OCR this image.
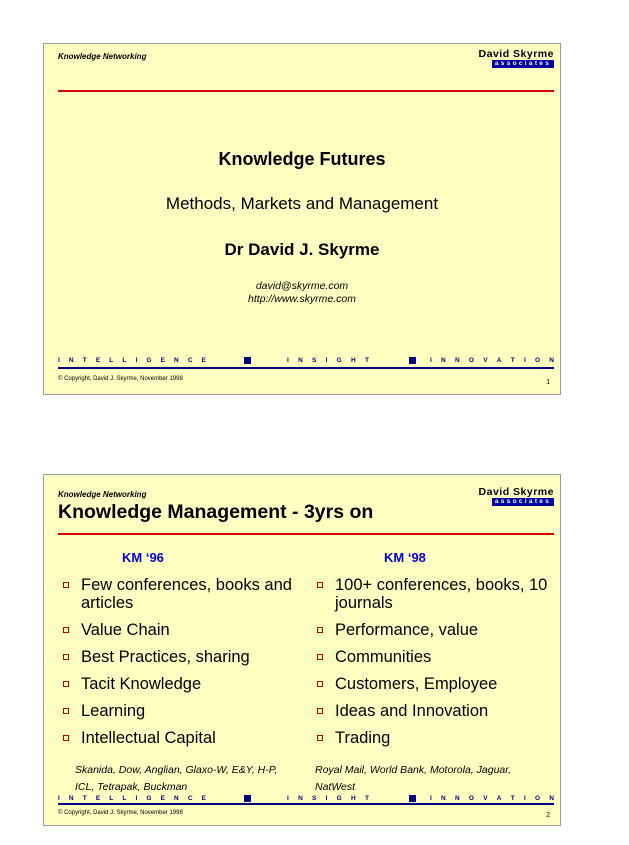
Knowledge Networking	David Skyrme
associates
Knowledge Futures
Methods, Markets and Management
Dr David J. Skyrme
david@skyrme.com
http://www.skyrme.com
I N T E L L I G E N C E	I N S I G H T	I N N O V A T I O N
© Copyright, David J. Skyrme, November 1998	1
Knowledge Networking	David Skyrme
associates
Knowledge Management - 3yrs on
KM ‘96	KM ‘98
Few conferences, books and articles
Value Chain
Best Practices, sharing
Tacit Knowledge
Learning
Intellectual Capital
100+ conferences, books, 10 journals
Performance, value
Communities
Customers, Employee
Ideas and Innovation
Trading
Skanida, Dow, Anglian, Glaxo-W, E&Y, H-P, ICL, Tetrapak, Buckman
Royal Mail, World Bank, Motorola, Jaguar, NatWest
I N T E L L I G E N C E	I N S I G H T	I N N O V A T I O N
© Copyright, David J. Skyrme, November 1998	2
